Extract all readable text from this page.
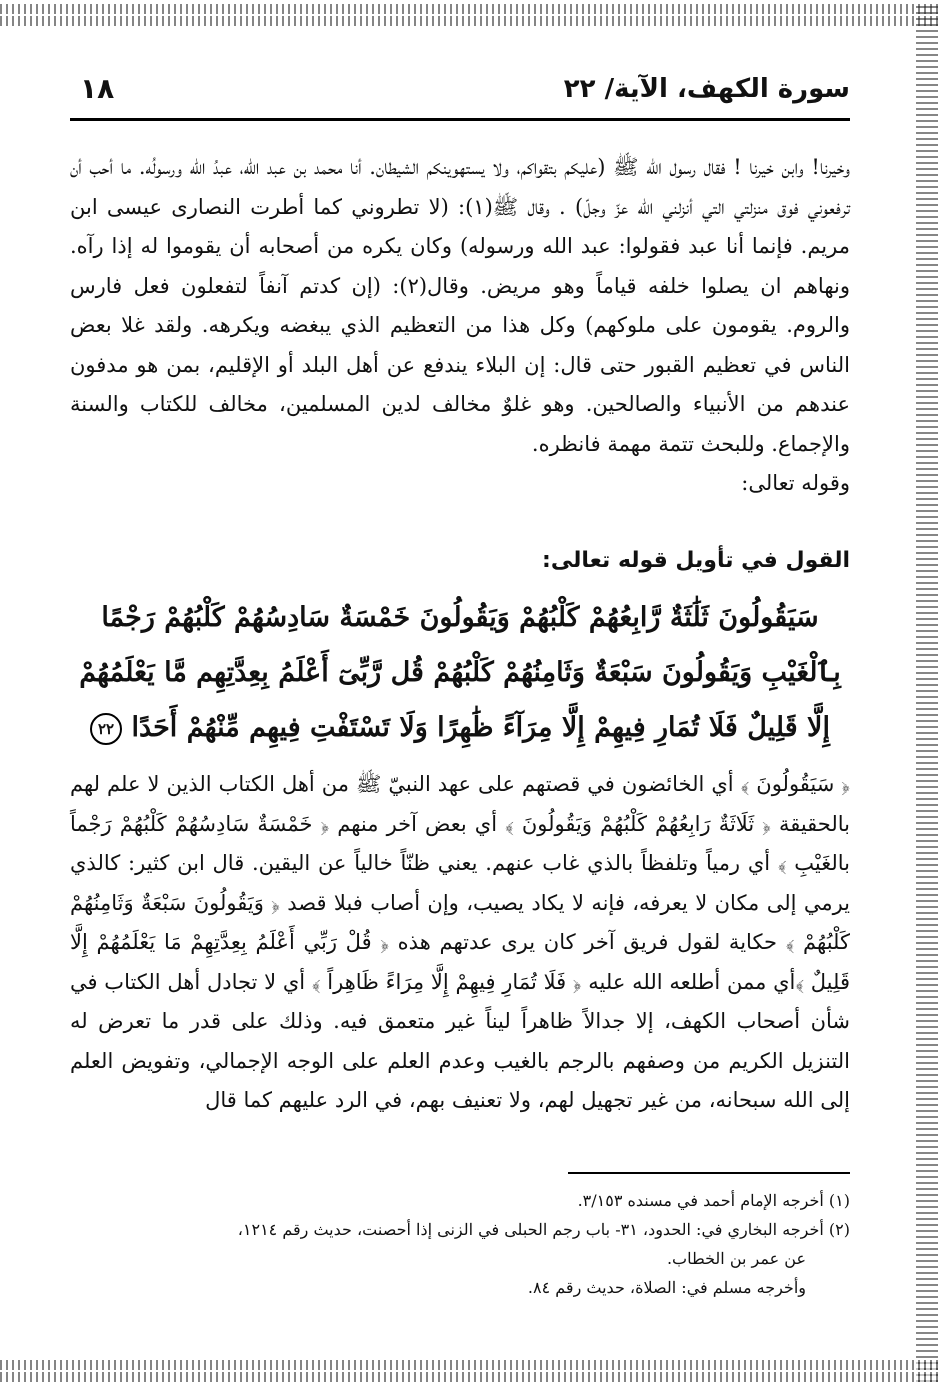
سورة الكهف، الآية/ ٢٢
١٨

وخيرنا! وابن خيرنا ! فقال رسول الله ﷺ (عليكم بتقواكم، ولا يستهوينكم الشيطان. أنا محمد بن عبد الله، عبدُ الله ورسولُه. ما أحب أن ترفعوني فوق منزلتي التي أنزلني الله عزّ وجلّ) . وقال ﷺ(١): (لا تطروني كما أطرت النصارى عيسى ابن مريم. فإنما أنا عبد فقولوا: عبد الله ورسوله) وكان يكره من أصحابه أن يقوموا له إذا رآه. ونهاهم ان يصلوا خلفه قياماً وهو مريض. وقال(٢): (إن كدتم آنفاً لتفعلون فعل فارس والروم. يقومون على ملوكهم) وكل هذا من التعظيم الذي يبغضه ويكرهه. ولقد غلا بعض الناس في تعظيم القبور حتى قال: إن البلاء يندفع عن أهل البلد أو الإقليم، بمن هو مدفون عندهم من الأنبياء والصالحين. وهو غلوٌ مخالف لدين المسلمين، مخالف للكتاب والسنة والإجماع. وللبحث تتمة مهمة فانظره.

وقوله تعالى:

القول في تأويل قوله تعالى:
سَيَقُولُونَ ثَلَٰثَةٌ رَّابِعُهُمْ كَلْبُهُمْ وَيَقُولُونَ خَمْسَةٌ سَادِسُهُمْ كَلْبُهُمْ رَجْمًا
بِٱلْغَيْبِ وَيَقُولُونَ سَبْعَةٌ وَثَامِنُهُمْ كَلْبُهُمْ قُل رَّبِّىٓ أَعْلَمُ بِعِدَّتِهِم مَّا يَعْلَمُهُمْ
إِلَّا قَلِيلٌ فَلَا تُمَارِ فِيهِمْ إِلَّا مِرَآءً ظَٰهِرًا وَلَا تَسْتَفْتِ فِيهِم مِّنْهُمْ أَحَدًا ٢٢

﴿ سَيَقُولُونَ ﴾ أي الخائضون في قصتهم على عهد النبيّ ﷺ من أهل الكتاب الذين لا علم لهم بالحقيقة ﴿ ثَلَاثَةٌ رَابِعُهُمْ كَلْبُهُمْ وَيَقُولُونَ ﴾ أي بعض آخر منهم ﴿ خَمْسَةٌ سَادِسُهُمْ كَلْبُهُمْ رَجْماً بالغَيْبِ ﴾ أي رمياً وتلفظاً بالذي غاب عنهم. يعني ظنّاً خالياً عن اليقين. قال ابن كثير: كالذي يرمي إلى مكان لا يعرفه، فإنه لا يكاد يصيب، وإن أصاب فبلا قصد ﴿ وَيَقُولُونَ سَبْعَةٌ وَثَامِنُهُمْ كَلْبُهُمْ ﴾ حكاية لقول فريق آخر كان يرى عدتهم هذه ﴿ قُلْ رَبِّي أَعْلَمُ بِعِدَّتِهِمْ مَا يَعْلَمُهُمْ إِلَّا قَلِيلٌ ﴾أي ممن أطلعه الله عليه ﴿ فَلَا تُمَارِ فِيهِمْ إِلَّا مِرَاءً ظَاهِراً ﴾ أي لا تجادل أهل الكتاب في شأن أصحاب الكهف، إلا جدالاً ظاهراً ليناً غير متعمق فيه. وذلك على قدر ما تعرض له التنزيل الكريم من وصفهم بالرجم بالغيب وعدم العلم على الوجه الإجمالي، وتفويض العلم إلى الله سبحانه، من غير تجهيل لهم، ولا تعنيف بهم، في الرد عليهم كما قال

(١) أخرجه الإمام أحمد في مسنده ٣/١٥٣.

(٢) أخرجه البخاري في: الحدود، ٣١- باب رجم الحبلى في الزنى إذا أحصنت، حديث رقم ١٢١٤،

عن عمر بن الخطاب.

وأخرجه مسلم في: الصلاة، حديث رقم ٨٤.
